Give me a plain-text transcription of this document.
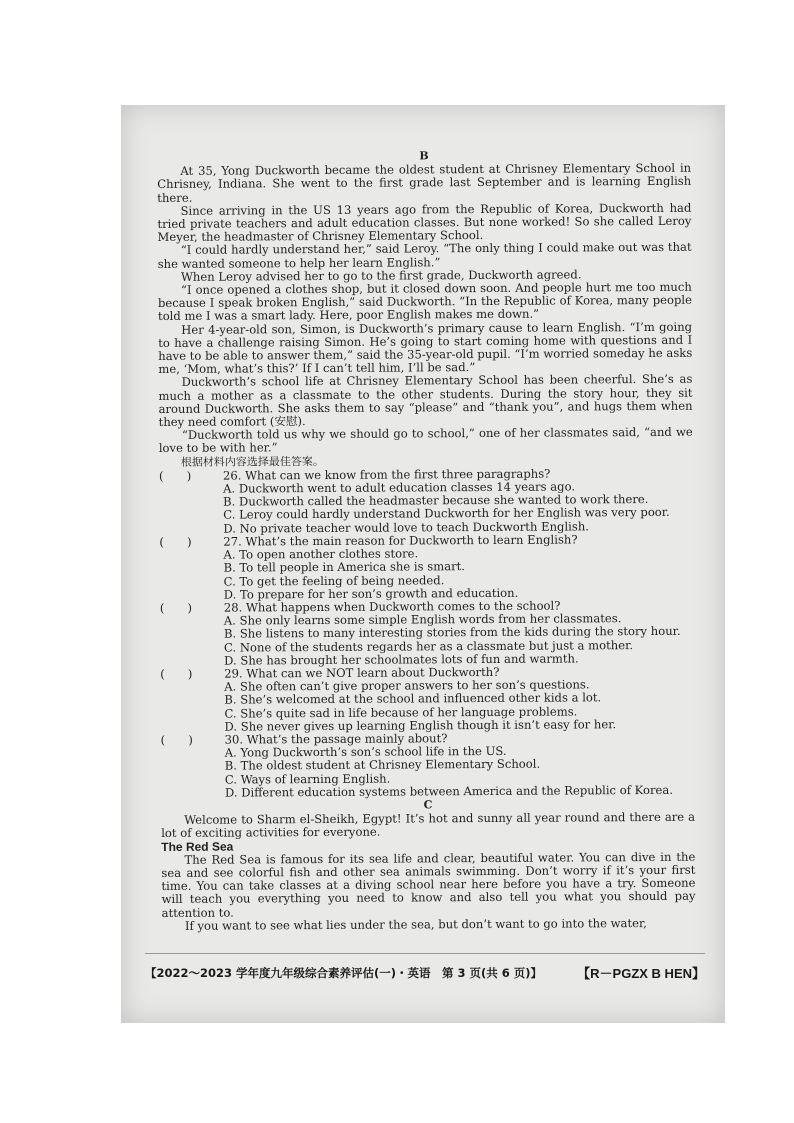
B

At 35, Yong Duckworth became the oldest student at Chrisney Elementary School in Chrisney, Indiana. She went to the first grade last September and is learning English there.

Since arriving in the US 13 years ago from the Republic of Korea, Duckworth had tried private teachers and adult education classes. But none worked! So she called Leroy Meyer, the headmaster of Chrisney Elementary School.

“I could hardly understand her,” said Leroy. “The only thing I could make out was that she wanted someone to help her learn English.”

When Leroy advised her to go to the first grade, Duckworth agreed.

“I once opened a clothes shop, but it closed down soon. And people hurt me too much because I speak broken English,” said Duckworth. “In the Republic of Korea, many people told me I was a smart lady. Here, poor English makes me down.”

Her 4-year-old son, Simon, is Duckworth’s primary cause to learn English. “I’m going to have a challenge raising Simon. He’s going to start coming home with questions and I have to be able to answer them,” said the 35-year-old pupil. “I’m worried someday he asks me, ‘Mom, what’s this?’ If I can’t tell him, I’ll be sad.”

Duckworth’s school life at Chrisney Elementary School has been cheerful. She’s as much a mother as a classmate to the other students. During the story hour, they sit around Duckworth. She asks them to say “please” and “thank you”, and hugs them when they need comfort (安慰).

“Duckworth told us why we should go to school,” one of her classmates said, “and we love to be with her.”

根据材料内容选择最佳答案。

(　　)	26. What can we know from the first three paragraphs?
A. Duckworth went to adult education classes 14 years ago.
B. Duckworth called the headmaster because she wanted to work there.
C. Leroy could hardly understand Duckworth for her English was very poor.
D. No private teacher would love to teach Duckworth English.
(　　)	27. What’s the main reason for Duckworth to learn English?
A. To open another clothes store.
B. To tell people in America she is smart.
C. To get the feeling of being needed.
D. To prepare for her son’s growth and education.
(　　)	28. What happens when Duckworth comes to the school?
A. She only learns some simple English words from her classmates.
B. She listens to many interesting stories from the kids during the story hour.
C. None of the students regards her as a classmate but just a mother.
D. She has brought her schoolmates lots of fun and warmth.
(　　)	29. What can we NOT learn about Duckworth?
A. She often can’t give proper answers to her son’s questions.
B. She’s welcomed at the school and influenced other kids a lot.
C. She’s quite sad in life because of her language problems.
D. She never gives up learning English though it isn’t easy for her.
(　　)	30. What’s the passage mainly about?
A. Yong Duckworth’s son’s school life in the US.
B. The oldest student at Chrisney Elementary School.
C. Ways of learning English.
D. Different education systems between America and the Republic of Korea.
C

Welcome to Sharm el-Sheikh, Egypt! It’s hot and sunny all year round and there are a lot of exciting activities for everyone.

The Red Sea

The Red Sea is famous for its sea life and clear, beautiful water. You can dive in the sea and see colorful fish and other sea animals swimming. Don’t worry if it’s your first time. You can take classes at a diving school near here before you have a try. Someone will teach you everything you need to know and also tell you what you should pay attention to.

If you want to see what lies under the sea, but don’t want to go into the water,

【2022～2023 学年度九年级综合素养评估(一)・英语　第 3 页(共 6 页)】	【R－PGZX B HEN】
